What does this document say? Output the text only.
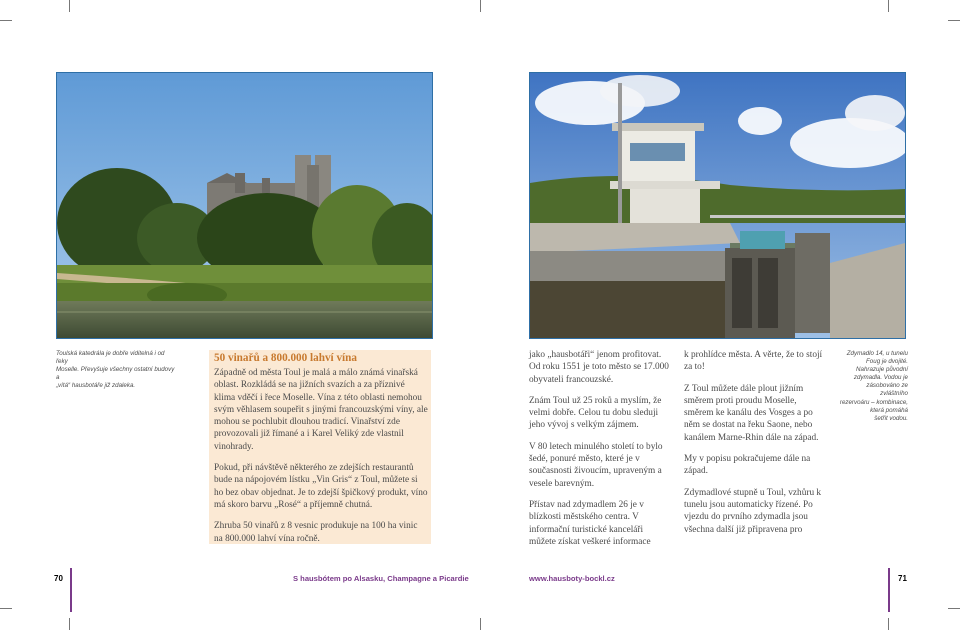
Toulská katedrála je dobře viditelná i od řeky

Moselle. Převyšuje všechny ostatní budovy a

„vítá“ hausbotáře již zdaleka.

50 vinařů a 800.000 lahví vína

Západně od města Toul je malá a málo známá vinařská oblast. Rozkládá se na jižních svazích a za příznivé klima vděčí i řece Moselle. Vína z této oblasti nemohou svým věhlasem soupeřit s jinými francouzskými víny, ale mohou se pochlubit dlouhou tradicí. Vinařství zde provozovali již římané a i Karel Veliký zde vlastnil vinohrady.

Pokud, při návštěvě některého ze zdejších restaurantů bude na nápojovém lístku „Vin Gris“ z Toul, můžete si ho bez obav objednat. Je to zdejší špičkový produkt, víno má skoro barvu „Rosé“ a příjemně chutná.

Zhruba 50 vinařů z 8 vesnic produkuje na 100 ha vinic na 800.000 lahví vína ročně.

jako „hausbotáři“ jenom profitovat. Od roku 1551 je toto město se 17.000 obyvateli francouzské.

Znám Toul už 25 roků a myslím, že velmi dobře. Celou tu dobu sleduji jeho vývoj s velkým zájmem.

V 80 letech minulého století to bylo šedé, ponuré město, které je v současnosti živoucím, upraveným a vesele barevným.

Přístav nad zdymadlem 26 je v blízkosti městského centra. V informační turistické kanceláři můžete získat veškeré informace

k prohlídce města. A věrte, že to stojí za to!

Z Toul můžete dále plout jižním směrem proti proudu Moselle, směrem ke kanálu des Vosges a po něm se dostat na řeku Saone, nebo kanálem Marne-Rhin dále na západ.

My v popisu pokračujeme dále na západ.

Zdymadlové stupně u Toul, vzhůru k tunelu jsou automaticky řízené. Po vjezdu do prvního zdymadla jsou všechna další již připravena pro

Zdymadlo 14, u tunelu

Foug je dvojité.

Nahrazuje původní

zdymadla. Vodou je

zásobováno ze zvláštního

rezervoáru – kombinace,

která pomáhá

šetřit vodou.

70	S hausbótem po Alsasku, Champagne a Picardie	www.hausboty-bockl.cz	71
